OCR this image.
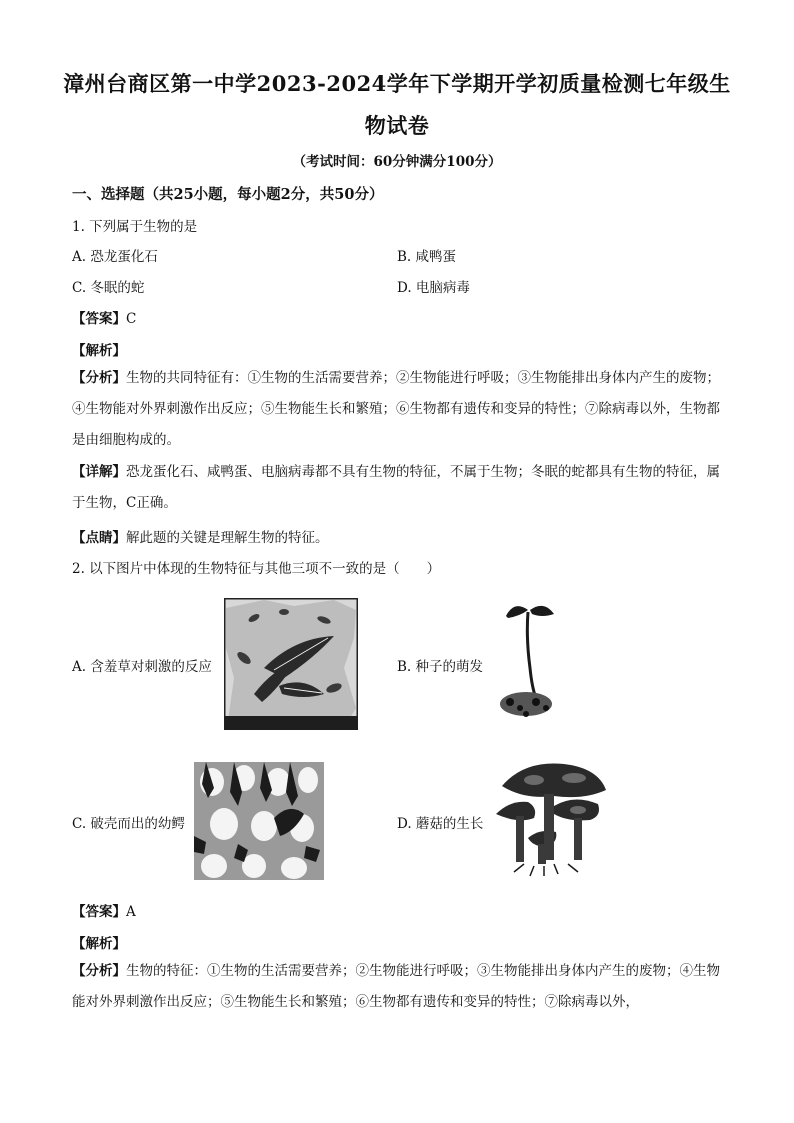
漳州台商区第一中学2023-2024学年下学期开学初质量检测七年级生
物试卷
（考试时间：60分钟满分100分）
一、选择题（共25小题，每小题2分，共50分）
1. 下列属于生物的是
A. 恐龙蛋化石	B. 咸鸭蛋
C. 冬眠的蛇	D. 电脑病毒
【答案】C
【解析】
【分析】生物的共同特征有：①生物的生活需要营养；②生物能进行呼吸；③生物能排出身体内产生的废物；④生物能对外界刺激作出反应；⑤生物能生长和繁殖；⑥生物都有遗传和变异的特性；⑦除病毒以外，生物都是由细胞构成的。
【详解】恐龙蛋化石、咸鸭蛋、电脑病毒都不具有生物的特征，不属于生物；冬眠的蛇都具有生物的特征，属于生物，C正确。
【点睛】解此题的关键是理解生物的特征。
2. 以下图片中体现的生物特征与其他三项不一致的是（　　）
A. 含羞草对刺激的反应	B. 种子的萌发
C. 破壳而出的幼鳄	D. 蘑菇的生长
【答案】A
【解析】
【分析】生物的特征：①生物的生活需要营养；②生物能进行呼吸；③生物能排出身体内产生的废物；④生物能对外界刺激作出反应；⑤生物能生长和繁殖；⑥生物都有遗传和变异的特性；⑦除病毒以外，
